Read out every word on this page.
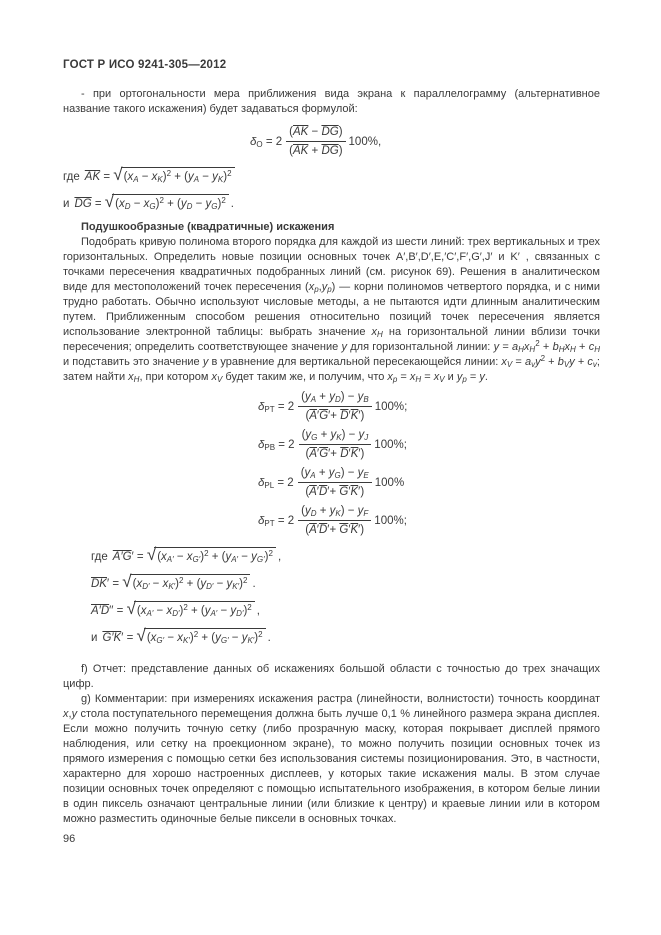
ГОСТ Р ИСО 9241-305—2012

- при ортогональности мера приближения вида экрана к параллелограмму (альтернативное название такого искажения) будет задаваться формулой:

$\delta_O = 2 \frac{(\overline{AK} - \overline{DG})}{(\overline{AK} + \overline{DG})} 100\%$,
где $\overline{AK}$ = √ $(x_A - x_K)^2 + (y_A - y_K)^2$
и $\overline{DG}$ = √ $(x_D - x_G)^2 + (y_D - y_G)^2$ .
Подушкообразные (квадратичные) искажения

Подобрать кривую полинома второго порядка для каждой из шести линий: трех вертикальных и трех горизонтальных. Определить новые позиции основных точек A′,B′,D′,E,′C′,F′,G′,J′ и K′ , связанных с точками пересечения квадратичных подобранных линий (см. рисунок 69). Решения в аналитическом виде для местоположений точек пересечения $(x_p,y_p)$ — корни полиномов четвертого порядка, и с ними трудно работать. Обычно используют числовые методы, а не пытаются идти длинным аналитическим путем. Приближенным способом решения относительно позиций точек пересечения является использование электронной таблицы: выбрать значение $x_H$ на горизонтальной линии вблизи точки пересечения; определить соответствующее значение y для горизонтальной линии: $y = a_Hx_H^2 + b_Hx_H + c_H$ и подставить это значение y в уравнение для вертикальной пересекающейся линии: $x_V = a_vy^2 + b_Vy + c_v$; затем найти $x_H$, при котором $x_V$ будет таким же, и получим, что $x_p = x_H = x_V$ и $y_p = y$.

$\delta_{PT} = 2 \frac{(y_A + y_D) - y_B}{(\overline{A}'\overline{G}'+ \overline{D}'\overline{K}')} 100\%$;
$\delta_{PB} = 2 \frac{(y_G + y_K) - y_J}{(\overline{A}'\overline{G}'+ \overline{D}'\overline{K}')} 100\%$;
$\delta_{PL} = 2 \frac{(y_A + y_G) - y_E}{(\overline{A}'\overline{D}'+ \overline{G}'\overline{K}')} 100\%$
$\delta_{PT} = 2 \frac{(y_D + y_K) - y_F}{(\overline{A}'\overline{D}'+ \overline{G}'\overline{K}')} 100\%$;
где A′G′ = √ $(x_{A'} - x_{G'})^2 + (y_{A'} - y_{G'})^2$ ,
$\overline{DK}'$ = √ $(x_{D'} - x_{K'})^2 + (y_{D'} - y_{K'})^2$ .
A′D′′ = √ $(x_{A'} - x_{D'})^2 + (y_{A'} - y_{D'})^2$ ,
и G′K′ = √ $(x_{G'} - x_{K'})^2 + (y_{G'} - y_{K'})^2$ .

f) Отчет: представление данных об искажениях большой области с точностью до трех значащих цифр.

g) Комментарии: при измерениях искажения растра (линейности, волнистости) точность координат x,y стола поступательного перемещения должна быть лучше 0,1 % линейного размера экрана дисплея. Если можно получить точную сетку (либо прозрачную маску, которая покрывает дисплей прямого наблюдения, или сетку на проекционном экране), то можно получить позиции основных точек из прямого измерения с помощью сетки без использования системы позиционирования. Это, в частности, характерно для хорошо настроенных дисплеев, у которых такие искажения малы. В этом случае позиции основных точек определяют с помощью испытательного изображения, в котором белые линии в один пиксель означают центральные линии (или близкие к центру) и краевые линии или в котором можно разместить одиночные белые пиксели в основных точках.

96
